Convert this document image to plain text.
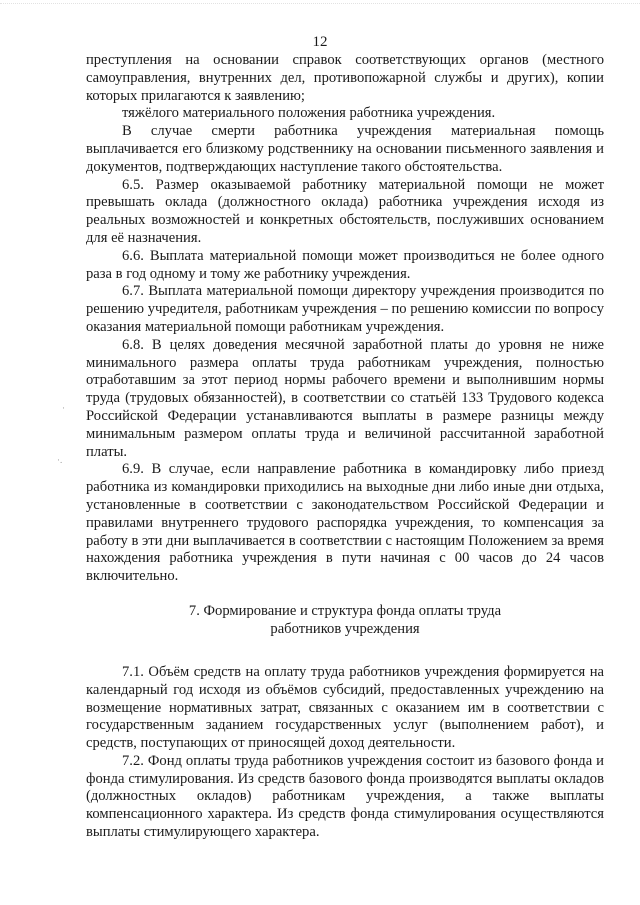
12

преступления на основании справок соответствующих органов (местного самоуправления, внутренних дел, противопожарной службы и других), копии которых прилагаются к заявлению;

тяжёлого материального положения работника учреждения.

В случае смерти работника учреждения материальная помощь выплачивается его близкому родственнику на основании письменного заявления и документов, подтверждающих наступление такого обстоятельства.

6.5. Размер оказываемой работнику материальной помощи не может превышать оклада (должностного оклада) работника учреждения исходя из реальных возможностей и конкретных обстоятельств, послуживших основанием для её назначения.

6.6. Выплата материальной помощи может производиться не более одного раза в год одному и тому же работнику учреждения.

6.7. Выплата материальной помощи директору учреждения производится по решению учредителя, работникам учреждения – по решению комиссии по вопросу оказания материальной помощи работникам учреждения.

6.8. В целях доведения месячной заработной платы до уровня не ниже минимального размера оплаты труда работникам учреждения, полностью отработавшим за этот период нормы рабочего времени и выполнившим нормы труда (трудовых обязанностей), в соответствии со статьёй 133 Трудового кодекса Российской Федерации устанавливаются выплаты в размере разницы между минимальным размером оплаты труда и величиной рассчитанной заработной платы.

6.9. В случае, если направление работника в командировку либо приезд работника из командировки приходились на выходные дни либо иные дни отдыха, установленные в соответствии с законодательством Российской Федерации и правилами внутреннего трудового распорядка учреждения, то компенсация за работу в эти дни выплачивается в соответствии с настоящим Положением за время нахождения работника учреждения в пути начиная с 00 часов до 24 часов включительно.

7. Формирование и структура фонда оплаты труда
работников учреждения

7.1. Объём средств на оплату труда работников учреждения формируется на календарный год исходя из объёмов субсидий, предоставленных учреждению на возмещение нормативных затрат, связанных с оказанием им в соответствии с государственным заданием государственных услуг (выполнением работ), и средств, поступающих от приносящей доход деятельности.

7.2. Фонд оплаты труда работников учреждения состоит из базового фонда и фонда стимулирования. Из средств базового фонда производятся выплаты окладов (должностных окладов) работникам учреждения, а также выплаты компенсационного характера. Из средств фонда стимулирования осуществляются выплаты стимулирующего характера.

·
·.
